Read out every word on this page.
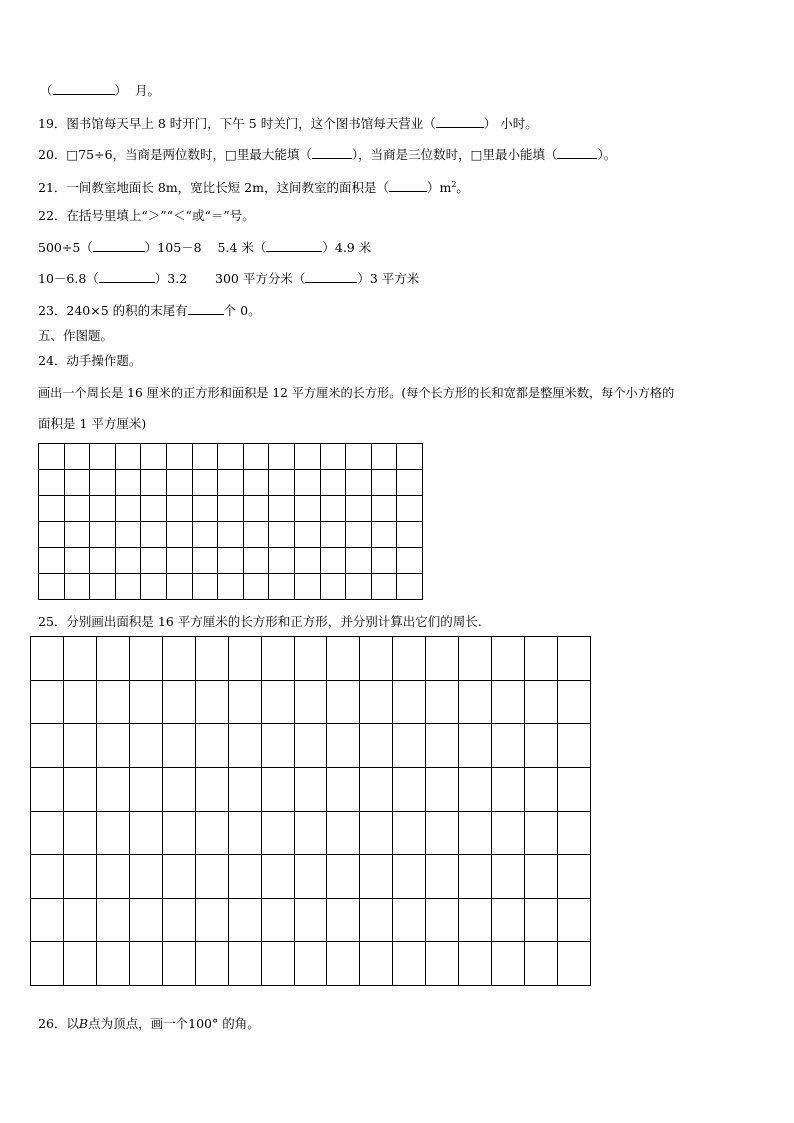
（	） 月。
19．图书馆每天早上 8 时开门，下午 5 时关门，这个图书馆每天营业（	） 小时。
20．□75÷6，当商是两位数时，□里最大能填（	），当商是三位数时，□里最小能填（	）。
21．一间教室地面长 8m，宽比长短 2m，这间教室的面积是（	）$m^2$。
22．在括号里填上“＞”“＜”或“＝”号。
500÷5（	）105－8 5.4 米（	）4.9 米
10－6.8（	）3.2 300 平方分米（	）3 平方米
23．240×5 的积的末尾有	个 0。
五、作图题。
24．动手操作题。
画出一个周长是 16 厘米的正方形和面积是 12 平方厘米的长方形。(每个长方形的长和宽都是整厘米数，每个小方格的
面积是 1 平方厘米)

25．分别画出面积是 16 平方厘米的长方形和正方形，并分别计算出它们的周长.

26．以B点为顶点，画一个100° 的角。
